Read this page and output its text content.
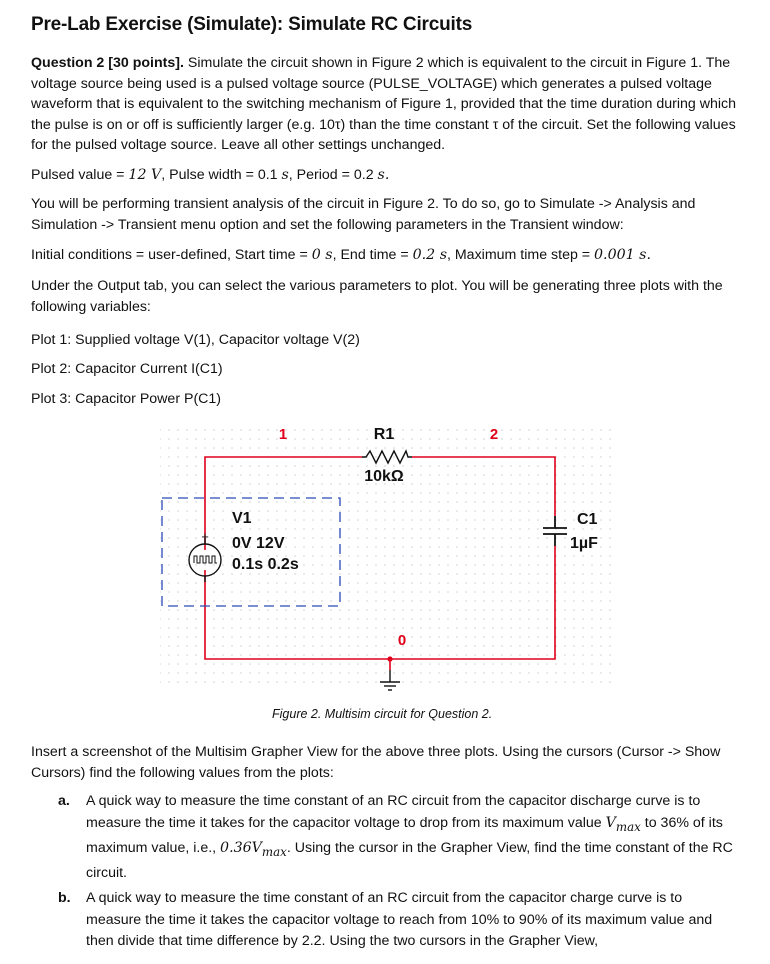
Pre-Lab Exercise (Simulate): Simulate RC Circuits
Question 2 [30 points]. Simulate the circuit shown in Figure 2 which is equivalent to the circuit in Figure 1. The voltage source being used is a pulsed voltage source (PULSE_VOLTAGE) which generates a pulsed voltage waveform that is equivalent to the switching mechanism of Figure 1, provided that the time duration during which the pulse is on or off is sufficiently larger (e.g. 10τ) than the time constant τ of the circuit. Set the following values for the pulsed voltage source. Leave all other settings unchanged.
Pulsed value = 12 V, Pulse width = 0.1 s, Period = 0.2 s.
You will be performing transient analysis of the circuit in Figure 2. To do so, go to Simulate -> Analysis and Simulation -> Transient menu option and set the following parameters in the Transient window:
Initial conditions = user-defined, Start time = 0 s, End time = 0.2 s, Maximum time step = 0.001 s.
Under the Output tab, you can select the various parameters to plot. You will be generating three plots with the following variables:
Plot 1: Supplied voltage V(1), Capacitor voltage V(2)
Plot 2: Capacitor Current I(C1)
Plot 3: Capacitor Power P(C1)
+
1	2
0
R1
10kΩ
V1
0V 12V
0.1s 0.2s
C1
1µF
Figure 2. Multisim circuit for Question 2.
Insert a screenshot of the Multisim Grapher View for the above three plots. Using the cursors (Cursor -> Show Cursors) find the following values from the plots:
a. A quick way to measure the time constant of an RC circuit from the capacitor discharge curve is to measure the time it takes for the capacitor voltage to drop from its maximum value $V_{max}$ to 36% of its maximum value, i.e., $0.36V_{max}$. Using the cursor in the Grapher View, find the time constant of the RC circuit.
b. A quick way to measure the time constant of an RC circuit from the capacitor charge curve is to measure the time it takes the capacitor voltage to reach from 10% to 90% of its maximum value and then divide that time difference by 2.2. Using the two cursors in the Grapher View,
